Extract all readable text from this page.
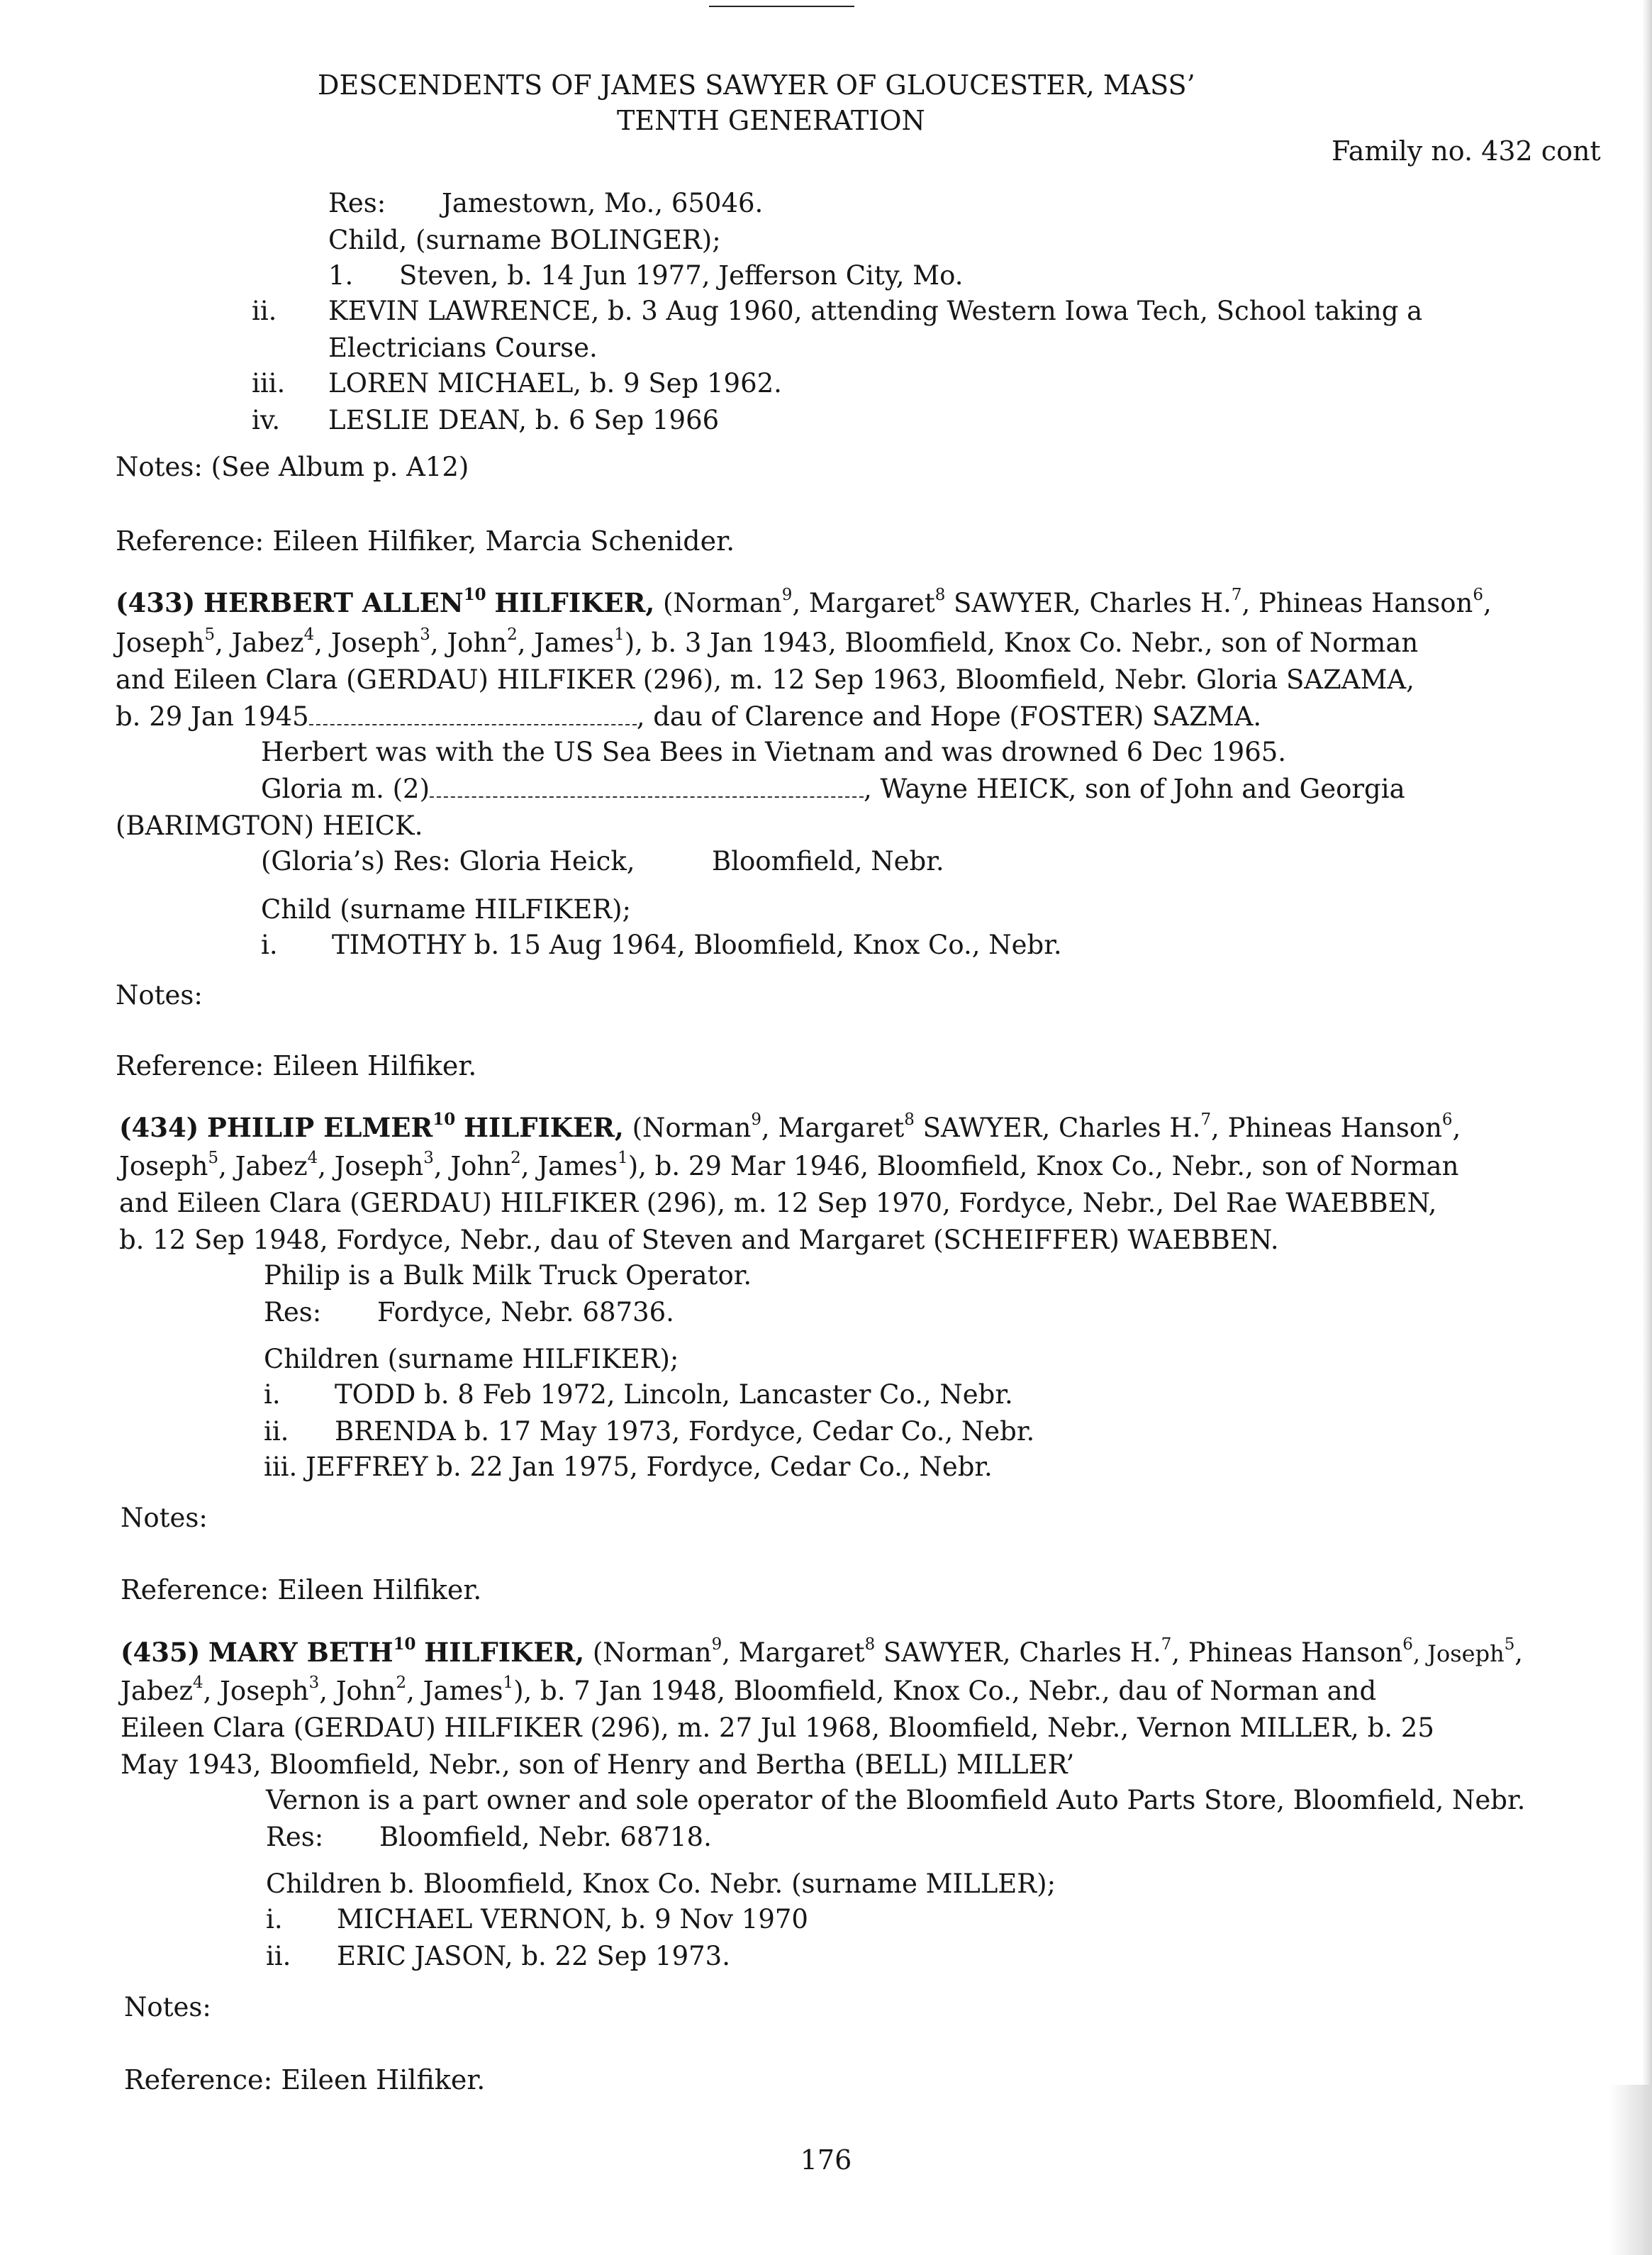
DESCENDENTS OF JAMES SAWYER OF GLOUCESTER, MASS’
TENTH GENERATION
Family no. 432 cont
Res: Jamestown, Mo., 65046.
Child, (surname BOLINGER);
1. Steven, b. 14 Jun 1977, Jefferson City, Mo.
ii. KEVIN LAWRENCE, b. 3 Aug 1960, attending Western Iowa Tech, School taking a
Electricians Course.
iii. LOREN MICHAEL, b. 9 Sep 1962.
iv. LESLIE DEAN, b. 6 Sep 1966
Notes: (See Album p. A12)
Reference: Eileen Hilfiker, Marcia Schenider.
(433) HERBERT ALLEN$^{10}$ HILFIKER, (Norman$^9$, Margaret$^8$ SAWYER, Charles H.$^7$, Phineas Hanson$^6$,
Joseph$^5$, Jabez$^4$, Joseph$^3$, John$^2$, James$^1$), b. 3 Jan 1943, Bloomfield, Knox Co. Nebr., son of Norman
and Eileen Clara (GERDAU) HILFIKER (296), m. 12 Sep 1963, Bloomfield, Nebr. Gloria SAZAMA,
b. 29 Jan 1945	, dau of Clarence and Hope (FOSTER) SAZMA.
Herbert was with the US Sea Bees in Vietnam and was drowned 6 Dec 1965.
Gloria m. (2)	, Wayne HEICK, son of John and Georgia
(BARIMGTON) HEICK.
(Gloria’s) Res: Gloria Heick,	Bloomfield, Nebr.
Child (surname HILFIKER);
i. TIMOTHY b. 15 Aug 1964, Bloomfield, Knox Co., Nebr.
Notes:
Reference: Eileen Hilfiker.
(434) PHILIP ELMER$^{10}$ HILFIKER, (Norman$^9$, Margaret$^8$ SAWYER, Charles H.$^7$, Phineas Hanson$^6$,
Joseph$^5$, Jabez$^4$, Joseph$^3$, John$^2$, James$^1$), b. 29 Mar 1946, Bloomfield, Knox Co., Nebr., son of Norman
and Eileen Clara (GERDAU) HILFIKER (296), m. 12 Sep 1970, Fordyce, Nebr., Del Rae WAEBBEN,
b. 12 Sep 1948, Fordyce, Nebr., dau of Steven and Margaret (SCHEIFFER) WAEBBEN.
Philip is a Bulk Milk Truck Operator.
Res: Fordyce, Nebr. 68736.
Children (surname HILFIKER);
i. TODD b. 8 Feb 1972, Lincoln, Lancaster Co., Nebr.
ii. BRENDA b. 17 May 1973, Fordyce, Cedar Co., Nebr.
iii. JEFFREY b. 22 Jan 1975, Fordyce, Cedar Co., Nebr.
Notes:
Reference: Eileen Hilfiker.
(435) MARY BETH$^{10}$ HILFIKER, (Norman$^9$, Margaret$^8$ SAWYER, Charles H.$^7$, Phineas Hanson$^6$, Joseph$^5$,
Jabez$^4$, Joseph$^3$, John$^2$, James$^1$), b. 7 Jan 1948, Bloomfield, Knox Co., Nebr., dau of Norman and
Eileen Clara (GERDAU) HILFIKER (296), m. 27 Jul 1968, Bloomfield, Nebr., Vernon MILLER, b. 25
May 1943, Bloomfield, Nebr., son of Henry and Bertha (BELL) MILLER’
Vernon is a part owner and sole operator of the Bloomfield Auto Parts Store, Bloomfield, Nebr.
Res: Bloomfield, Nebr. 68718.
Children b. Bloomfield, Knox Co. Nebr. (surname MILLER);
i. MICHAEL VERNON, b. 9 Nov 1970
ii. ERIC JASON, b. 22 Sep 1973.
Notes:
Reference: Eileen Hilfiker.
176
